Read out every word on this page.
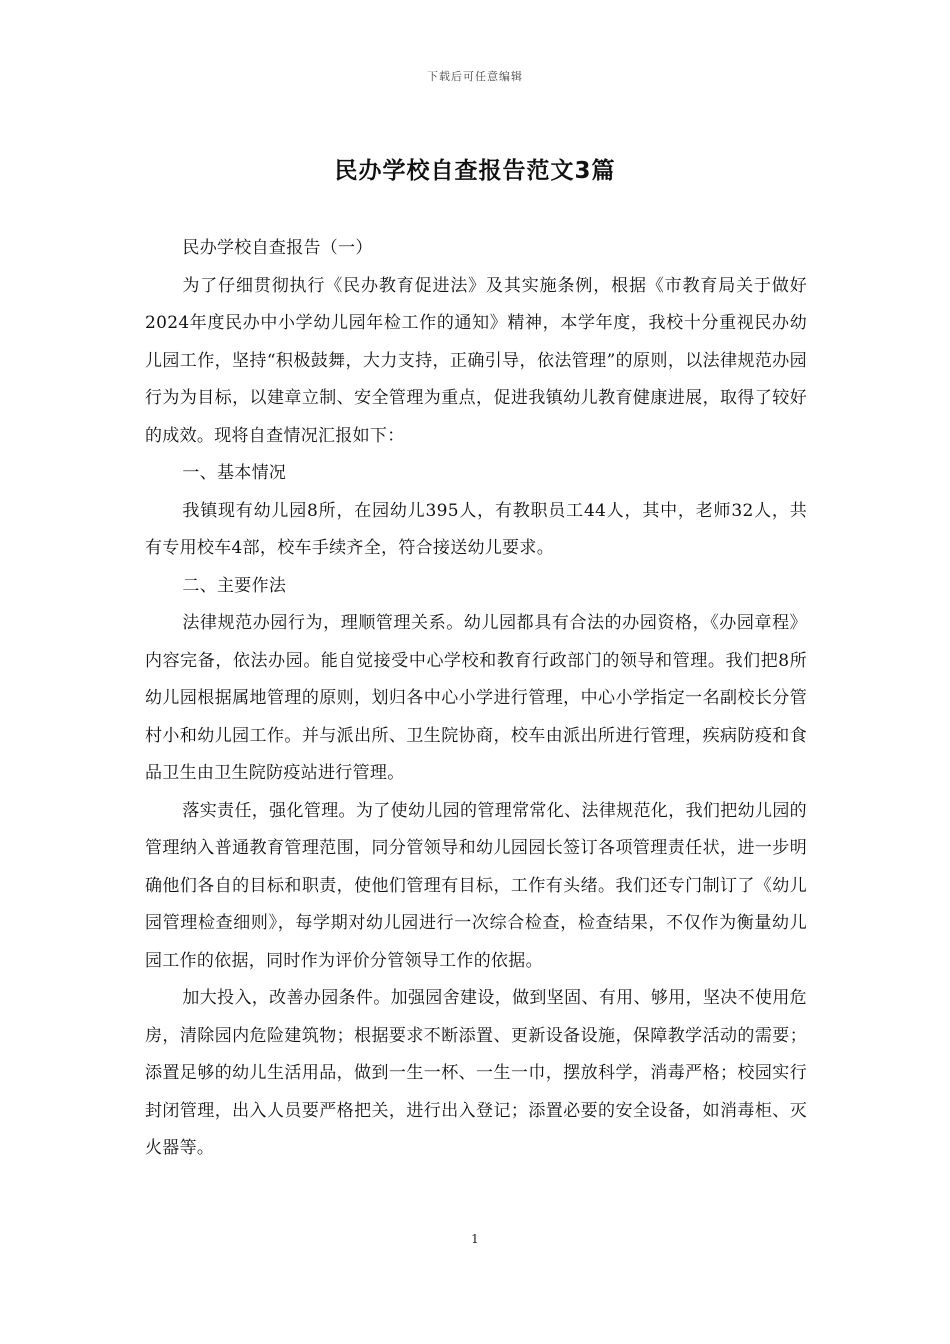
下载后可任意编辑
民办学校自查报告范文3篇

民办学校自查报告（一）

为了仔细贯彻执行《民办教育促进法》及其实施条例，根据《市教育局关于做好2024年度民办中小学幼儿园年检工作的通知》精神，本学年度，我校十分重视民办幼儿园工作，坚持“积极鼓舞，大力支持，正确引导，依法管理”的原则，以法律规范办园行为为目标，以建章立制、安全管理为重点，促进我镇幼儿教育健康进展，取得了较好的成效。现将自查情况汇报如下：

一、基本情况

我镇现有幼儿园8所，在园幼儿395人，有教职员工44人，其中，老师32人，共有专用校车4部，校车手续齐全，符合接送幼儿要求。

二、主要作法

法律规范办园行为，理顺管理关系。幼儿园都具有合法的办园资格，《办园章程》内容完备，依法办园。能自觉接受中心学校和教育行政部门的领导和管理。我们把8所幼儿园根据属地管理的原则，划归各中心小学进行管理，中心小学指定一名副校长分管村小和幼儿园工作。并与派出所、卫生院协商，校车由派出所进行管理，疾病防疫和食品卫生由卫生院防疫站进行管理。

落实责任，强化管理。为了使幼儿园的管理常常化、法律规范化，我们把幼儿园的管理纳入普通教育管理范围，同分管领导和幼儿园园长签订各项管理责任状，进一步明确他们各自的目标和职责，使他们管理有目标，工作有头绪。我们还专门制订了《幼儿园管理检查细则》，每学期对幼儿园进行一次综合检查，检查结果，不仅作为衡量幼儿园工作的依据，同时作为评价分管领导工作的依据。

加大投入，改善办园条件。加强园舍建设，做到坚固、有用、够用，坚决不使用危房，清除园内危险建筑物；根据要求不断添置、更新设备设施，保障教学活动的需要；添置足够的幼儿生活用品，做到一生一杯、一生一巾，摆放科学，消毒严格；校园实行封闭管理，出入人员要严格把关，进行出入登记；添置必要的安全设备，如消毒柜、灭火器等。

1
